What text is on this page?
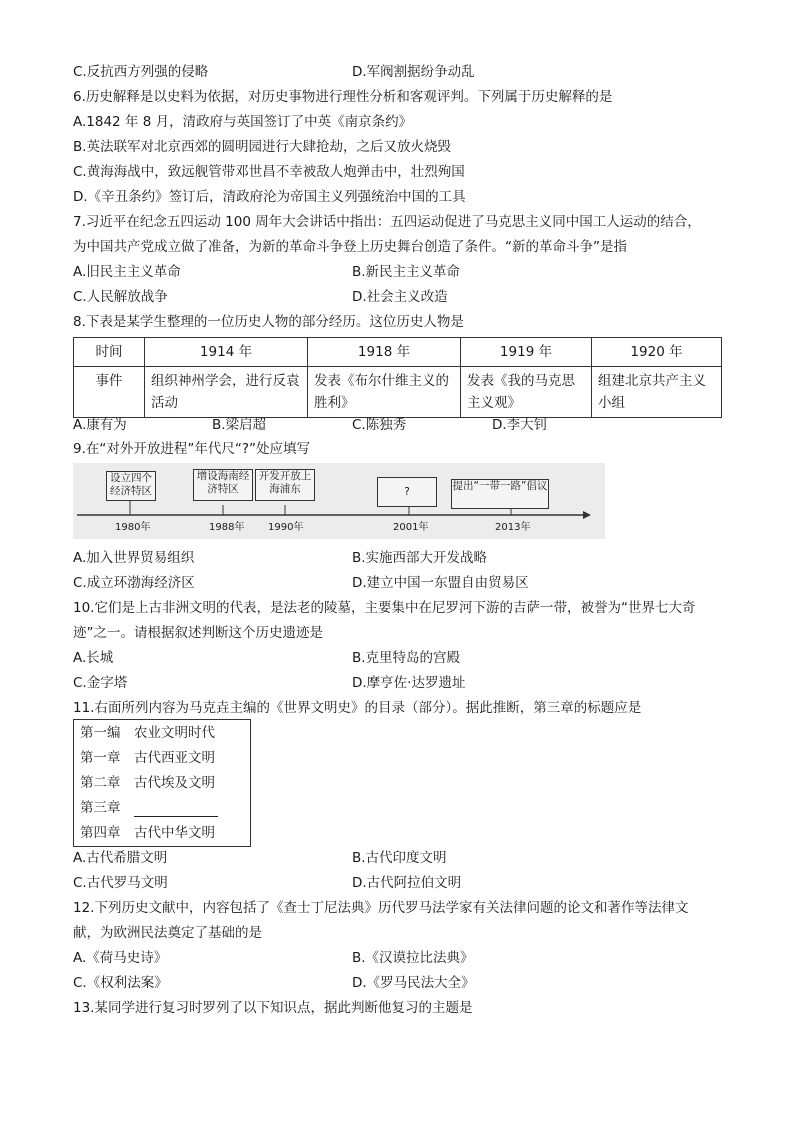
C.反抗西方列强的侵略	D.军阀割据纷争动乱
6.历史解释是以史料为依据，对历史事物进行理性分析和客观评判。下列属于历史解释的是
A.1842 年 8 月，清政府与英国签订了中英《南京条约》
B.英法联军对北京西郊的圆明园进行大肆抢劫，之后又放火烧毁
C.黄海海战中，致远舰管带邓世昌不幸被敌人炮弹击中，壮烈殉国
D.《辛丑条约》签订后，清政府沦为帝国主义列强统治中国的工具
7.习近平在纪念五四运动 100 周年大会讲话中指出：五四运动促进了马克思主义同中国工人运动的结合，
为中国共产党成立做了准备，为新的革命斗争登上历史舞台创造了条件。“新的革命斗争”是指
A.旧民主主义革命	B.新民主主义革命
C.人民解放战争	D.社会主义改造
8.下表是某学生整理的一位历史人物的部分经历。这位历史人物是
时间	1914 年	1918 年	1919 年	1920 年
事件	组织神州学会，进行反袁活动	发表《布尔什维主义的胜利》	发表《我的马克思主义观》	组建北京共产主义小组
A.康有为	B.梁启超	C.陈独秀	D.李大钊
9.在“对外开放进程”年代尺“?”处应填写
设立四个经济特区
增设海南经济特区
开发开放上海浦东	?	提出“一带一路”倡议
1980年	1988年 1990年	2001年	2013年
A.加入世界贸易组织	B.实施西部大开发战略
C.成立环渤海经济区	D.建立中国一东盟自由贸易区
10.它们是上古非洲文明的代表，是法老的陵墓，主要集中在尼罗河下游的吉萨一带，被誉为“世界七大奇
迹”之一。请根据叙述判断这个历史遗迹是
A.长城	B.克里特岛的宫殿
C.金字塔	D.摩亨佐·达罗遗址
11.右面所列内容为马克垚主编的《世界文明史》的目录（部分）。据此推断，第三章的标题应是
第一编　农业文明时代
第一章　古代西亚文明
第二章　古代埃及文明
第三章　
第四章　古代中华文明
A.古代希腊文明	B.古代印度文明
C.古代罗马文明	D.古代阿拉伯文明
12.下列历史文献中，内容包括了《查士丁尼法典》历代罗马法学家有关法律问题的论文和著作等法律文
献，为欧洲民法奠定了基础的是
A.《荷马史诗》	B.《汉谟拉比法典》
C.《权利法案》	D.《罗马民法大全》
13.某同学进行复习时罗列了以下知识点，据此判断他复习的主题是
